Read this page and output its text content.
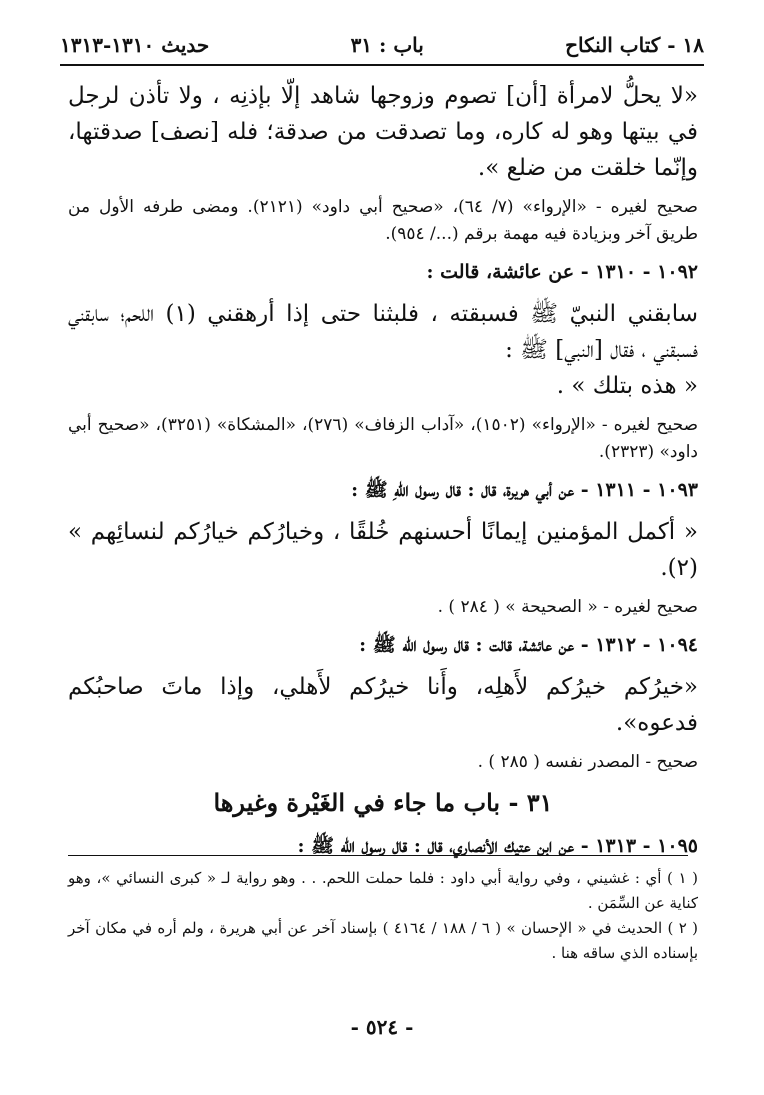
١٨ - كتاب النكاح
باب : ٣١
حديث ١٣١٠-١٣١٣

«لا يحلُّ لامرأة [أن] تصوم وزوجها شاهد إلّا بإذنِه ، ولا تأذن لرجل في بيتها وهو له كاره، وما تصدقت من صدقة؛ فله [نصف] صدقتها، وإنّما خلقت من ضلع ».

صحيح لغيره - «الإرواء» (٧/ ٦٤)، «صحيح أبي داود» (٢١٢١). ومضى طرفه الأول من طريق آخر وبزيادة فيه مهمة برقم (.../ ٩٥٤).

١٠٩٢ - ١٣١٠ - عن عائشة، قالت :

سابقني النبيّ ﷺ فسبقته ، فلبثنا حتى إذا أرهقني (١) اللحم؛ سابقني فسبقني ، فقال [النبي] ﷺ :

« هذه بتلك » .

صحيح لغيره - «الإرواء» (١٥٠٢)، «آداب الزفاف» (٢٧٦)، «المشكاة» (٣٢٥١)، «صحيح أبي داود» (٢٣٢٣).

١٠٩٣ - ١٣١١ - عن أبي هريرة، قال : قال رسول اللهِ ﷺ :

« أكمل المؤمنين إيمانًا أحسنهم خُلقًا ، وخيارُكم خيارُكم لنسائِهم » (٢).

صحيح لغيره - « الصحيحة » ( ٢٨٤ ) .

١٠٩٤ - ١٣١٢ - عن عائشة، قالت : قال رسول الله ﷺ :

«خيرُكم خيرُكم لأَهلِه، وأَنا خيرُكم لأَهلي، وإذا ماتَ صاحبُكم فدعوه».

صحيح - المصدر نفسه ( ٢٨٥ ) .

٣١ - باب ما جاء في الغَيْرة وغيرها

١٠٩٥ - ١٣١٣ - عن ابن عتيك الأنصاري، قال : قال رسول الله ﷺ :

( ١ ) أي : غشيني ، وفي رواية أبي داود : فلما حملت اللحم. . . وهو رواية لـ « كبرى النسائي »، وهو كناية عن السِّمَن .

( ٢ ) الحديث في « الإحسان » ( ٦ / ١٨٨ / ٤١٦٤ ) بإسناد آخر عن أبي هريرة ، ولم أره في مكان آخر بإسناده الذي ساقه هنا .

- ٥٢٤ -
